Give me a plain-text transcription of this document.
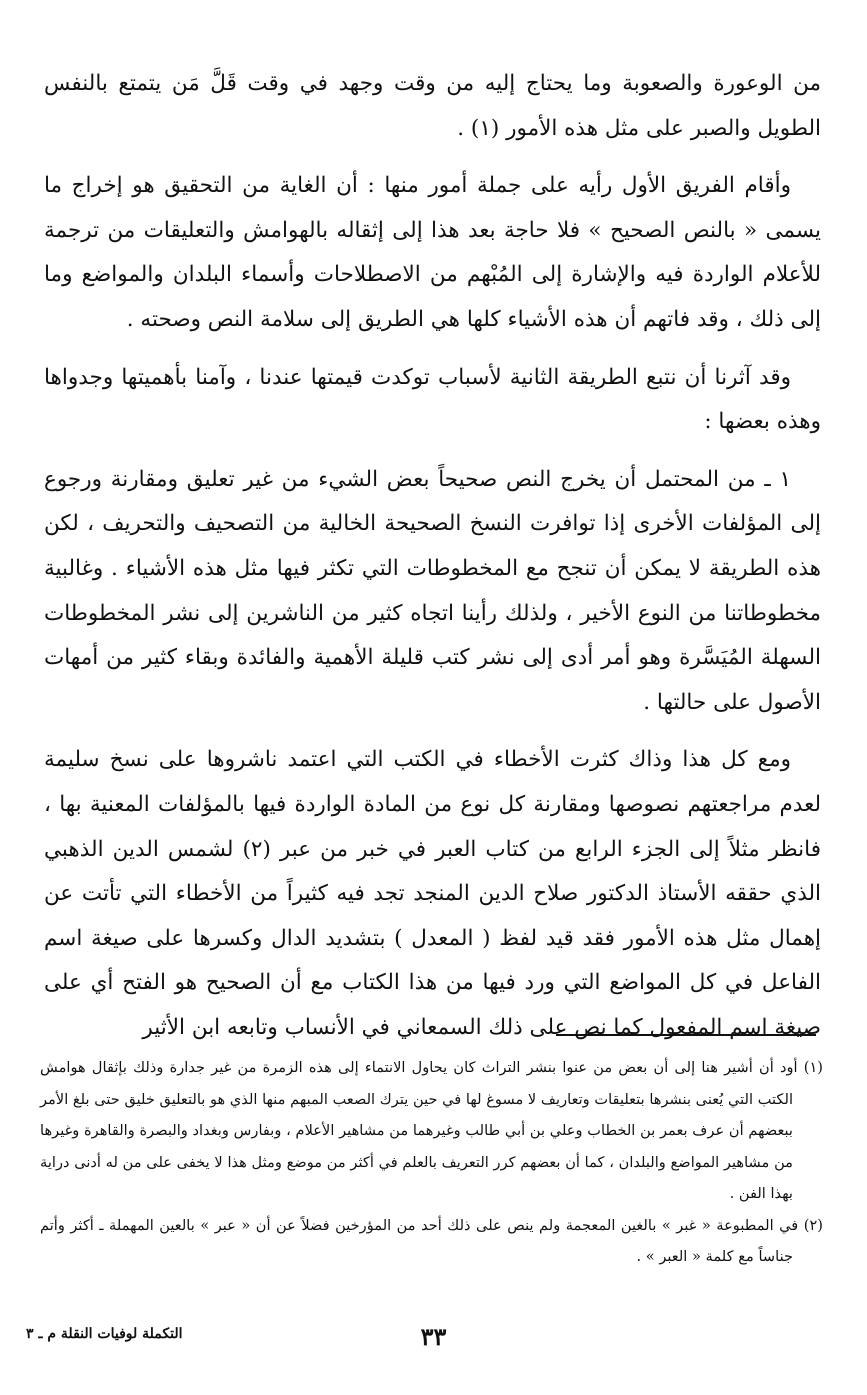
من الوعورة والصعوبة وما يحتاج إليه من وقت وجهد في وقت قَلَّ مَن يتمتع بالنفس الطويل والصبر على مثل هذه الأمور (١) .

وأقام الفريق الأول رأيه على جملة أمور منها : أن الغاية من التحقيق هو إخراج ما يسمى « بالنص الصحيح » فلا حاجة بعد هذا إلى إثقاله بالهوامش والتعليقات من ترجمة للأعلام الواردة فيه والإشارة إلى المُبْهم من الاصطلاحات وأسماء البلدان والمواضع وما إلى ذلك ، وقد فاتهم أن هذه الأشياء كلها هي الطريق إلى سلامة النص وصحته .

وقد آثرنا أن نتبع الطريقة الثانية لأسباب توكدت قيمتها عندنا ، وآمنا بأهميتها وجدواها وهذه بعضها :

١ ـ من المحتمل أن يخرج النص صحيحاً بعض الشيء من غير تعليق ومقارنة ورجوع إلى المؤلفات الأخرى إذا توافرت النسخ الصحيحة الخالية من التصحيف والتحريف ، لكن هذه الطريقة لا يمكن أن تنجح مع المخطوطات التي تكثر فيها مثل هذه الأشياء . وغالبية مخطوطاتنا من النوع الأخير ، ولذلك رأينا اتجاه كثير من الناشرين إلى نشر المخطوطات السهلة المُيَسَّرة وهو أمر أدى إلى نشر كتب قليلة الأهمية والفائدة وبقاء كثير من أمهات الأصول على حالتها .

ومع كل هذا وذاك كثرت الأخطاء في الكتب التي اعتمد ناشروها على نسخ سليمة لعدم مراجعتهم نصوصها ومقارنة كل نوع من المادة الواردة فيها بالمؤلفات المعنية بها ، فانظر مثلاً إلى الجزء الرابع من كتاب العبر في خبر من عبر (٢) لشمس الدين الذهبي الذي حققه الأستاذ الدكتور صلاح الدين المنجد تجد فيه كثيراً من الأخطاء التي تأتت عن إهمال مثل هذه الأمور فقد قيد لفظ ( المعدل ) بتشديد الدال وكسرها على صيغة اسم الفاعل في كل المواضع التي ورد فيها من هذا الكتاب مع أن الصحيح هو الفتح أي على صيغة اسم المفعول كما نص على ذلك السمعاني في الأنساب وتابعه ابن الأثير

(١) أود أن أشير هنا إلى أن بعض من عنوا بنشر التراث كان يحاول الانتماء إلى هذه الزمرة من غير جدارة وذلك بإثقال هوامش الكتب التي يُعنى بنشرها بتعليقات وتعاريف لا مسوغ لها في حين يترك الصعب المبهم منها الذي هو بالتعليق خليق حتى بلغ الأمر ببعضهم أن عرف بعمر بن الخطاب وعلي بن أبي طالب وغيرهما من مشاهير الأعلام ، وبفارس وبغداد والبصرة والقاهرة وغيرها من مشاهير المواضع والبلدان ، كما أن بعضهم كرر التعريف بالعلم في أكثر من موضع ومثل هذا لا يخفى على من له أدنى دراية بهذا الفن .

(٢) في المطبوعة « غبر » بالغين المعجمة ولم ينص على ذلك أحد من المؤرخين فضلاً عن أن « عبر » بالعين المهملة ـ أكثر وأتم جناساً مع كلمة « العبر » .

٣٣
التكملة لوفيات النقلة م ـ ٣
